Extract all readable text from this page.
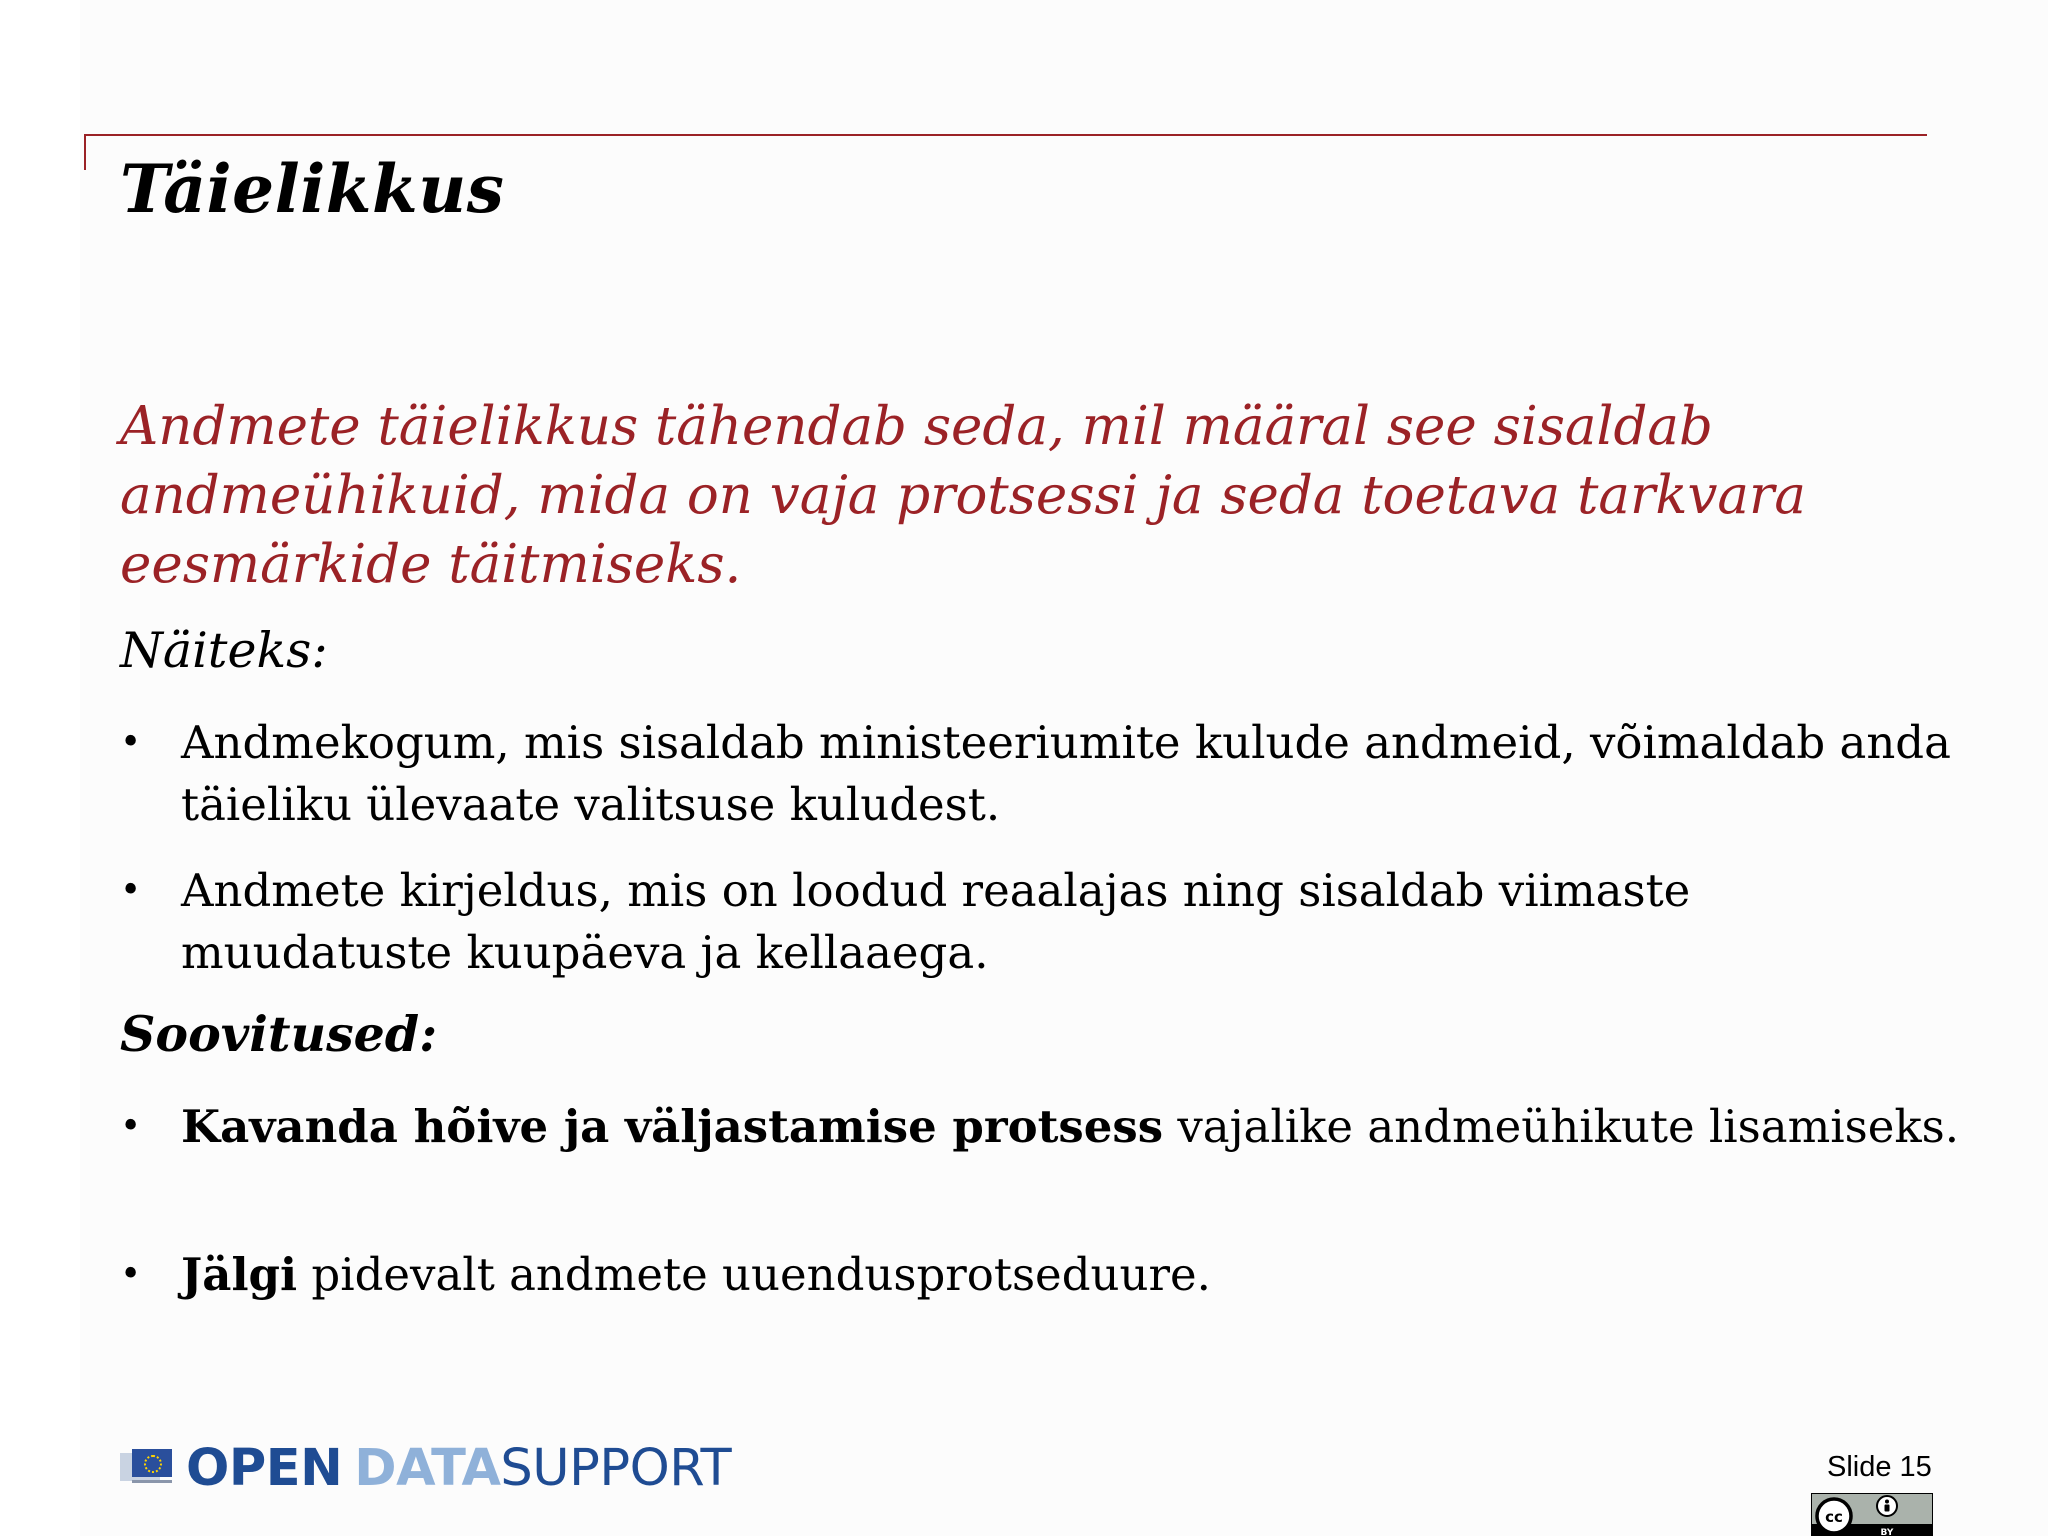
Täielikkus

Andmete täielikkus tähendab seda, mil määral see sisaldab andmeühikuid, mida on vaja protsessi ja seda toetava tarkvara eesmärkide täitmiseks.

Näiteks:

• Andmekogum, mis sisaldab ministeeriumite kulude andmeid, võimaldab anda täieliku ülevaate valitsuse kuludest.

• Andmete kirjeldus, mis on loodud reaalajas ning sisaldab viimaste muudatuste kuupäeva ja kellaaega.

Soovitused:

• Kavanda hõive ja väljastamise protsess vajalike andmeühikute lisamiseks.

• Jälgi pidevalt andmete uuendusprotseduure.

OPEN DATA SUPPORT	Slide 15

cc
BY
